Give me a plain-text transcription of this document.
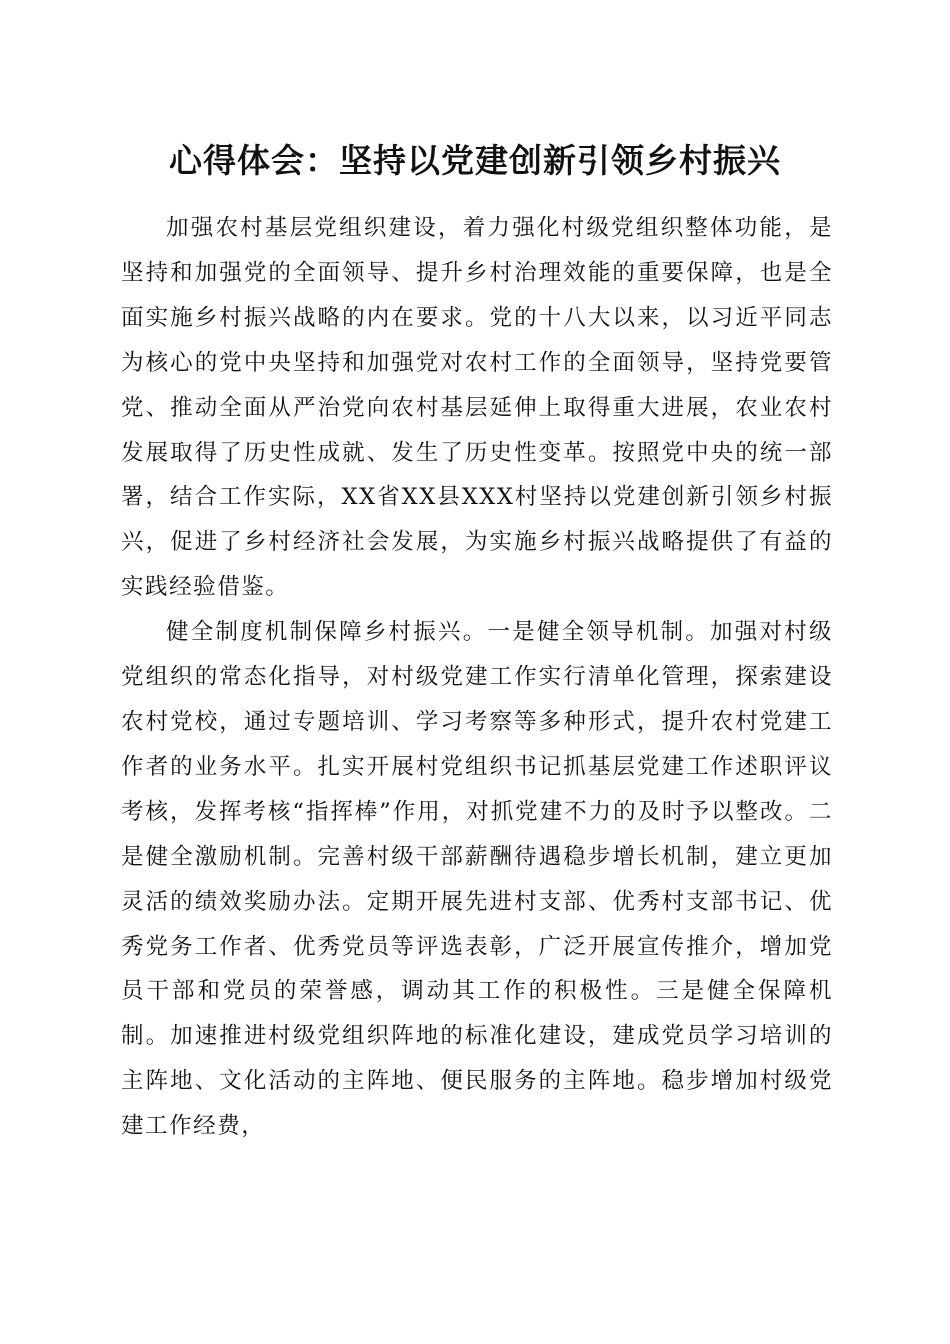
心得体会：坚持以党建创新引领乡村振兴

加强农村基层党组织建设，着力强化村级党组织整体功能，是坚持和加强党的全面领导、提升乡村治理效能的重要保障，也是全面实施乡村振兴战略的内在要求。党的十八大以来，以习近平同志为核心的党中央坚持和加强党对农村工作的全面领导，坚持党要管党、推动全面从严治党向农村基层延伸上取得重大进展，农业农村发展取得了历史性成就、发生了历史性变革。按照党中央的统一部署，结合工作实际，XX省XX县XXX村坚持以党建创新引领乡村振兴，促进了乡村经济社会发展，为实施乡村振兴战略提供了有益的实践经验借鉴。

健全制度机制保障乡村振兴。一是健全领导机制。加强对村级党组织的常态化指导，对村级党建工作实行清单化管理，探索建设农村党校，通过专题培训、学习考察等多种形式，提升农村党建工作者的业务水平。扎实开展村党组织书记抓基层党建工作述职评议考核，发挥考核“指挥棒”作用，对抓党建不力的及时予以整改。二是健全激励机制。完善村级干部薪酬待遇稳步增长机制，建立更加灵活的绩效奖励办法。定期开展先进村支部、优秀村支部书记、优秀党务工作者、优秀党员等评选表彰，广泛开展宣传推介，增加党员干部和党员的荣誉感，调动其工作的积极性。三是健全保障机制。加速推进村级党组织阵地的标准化建设，建成党员学习培训的主阵地、文化活动的主阵地、便民服务的主阵地。稳步增加村级党建工作经费，
